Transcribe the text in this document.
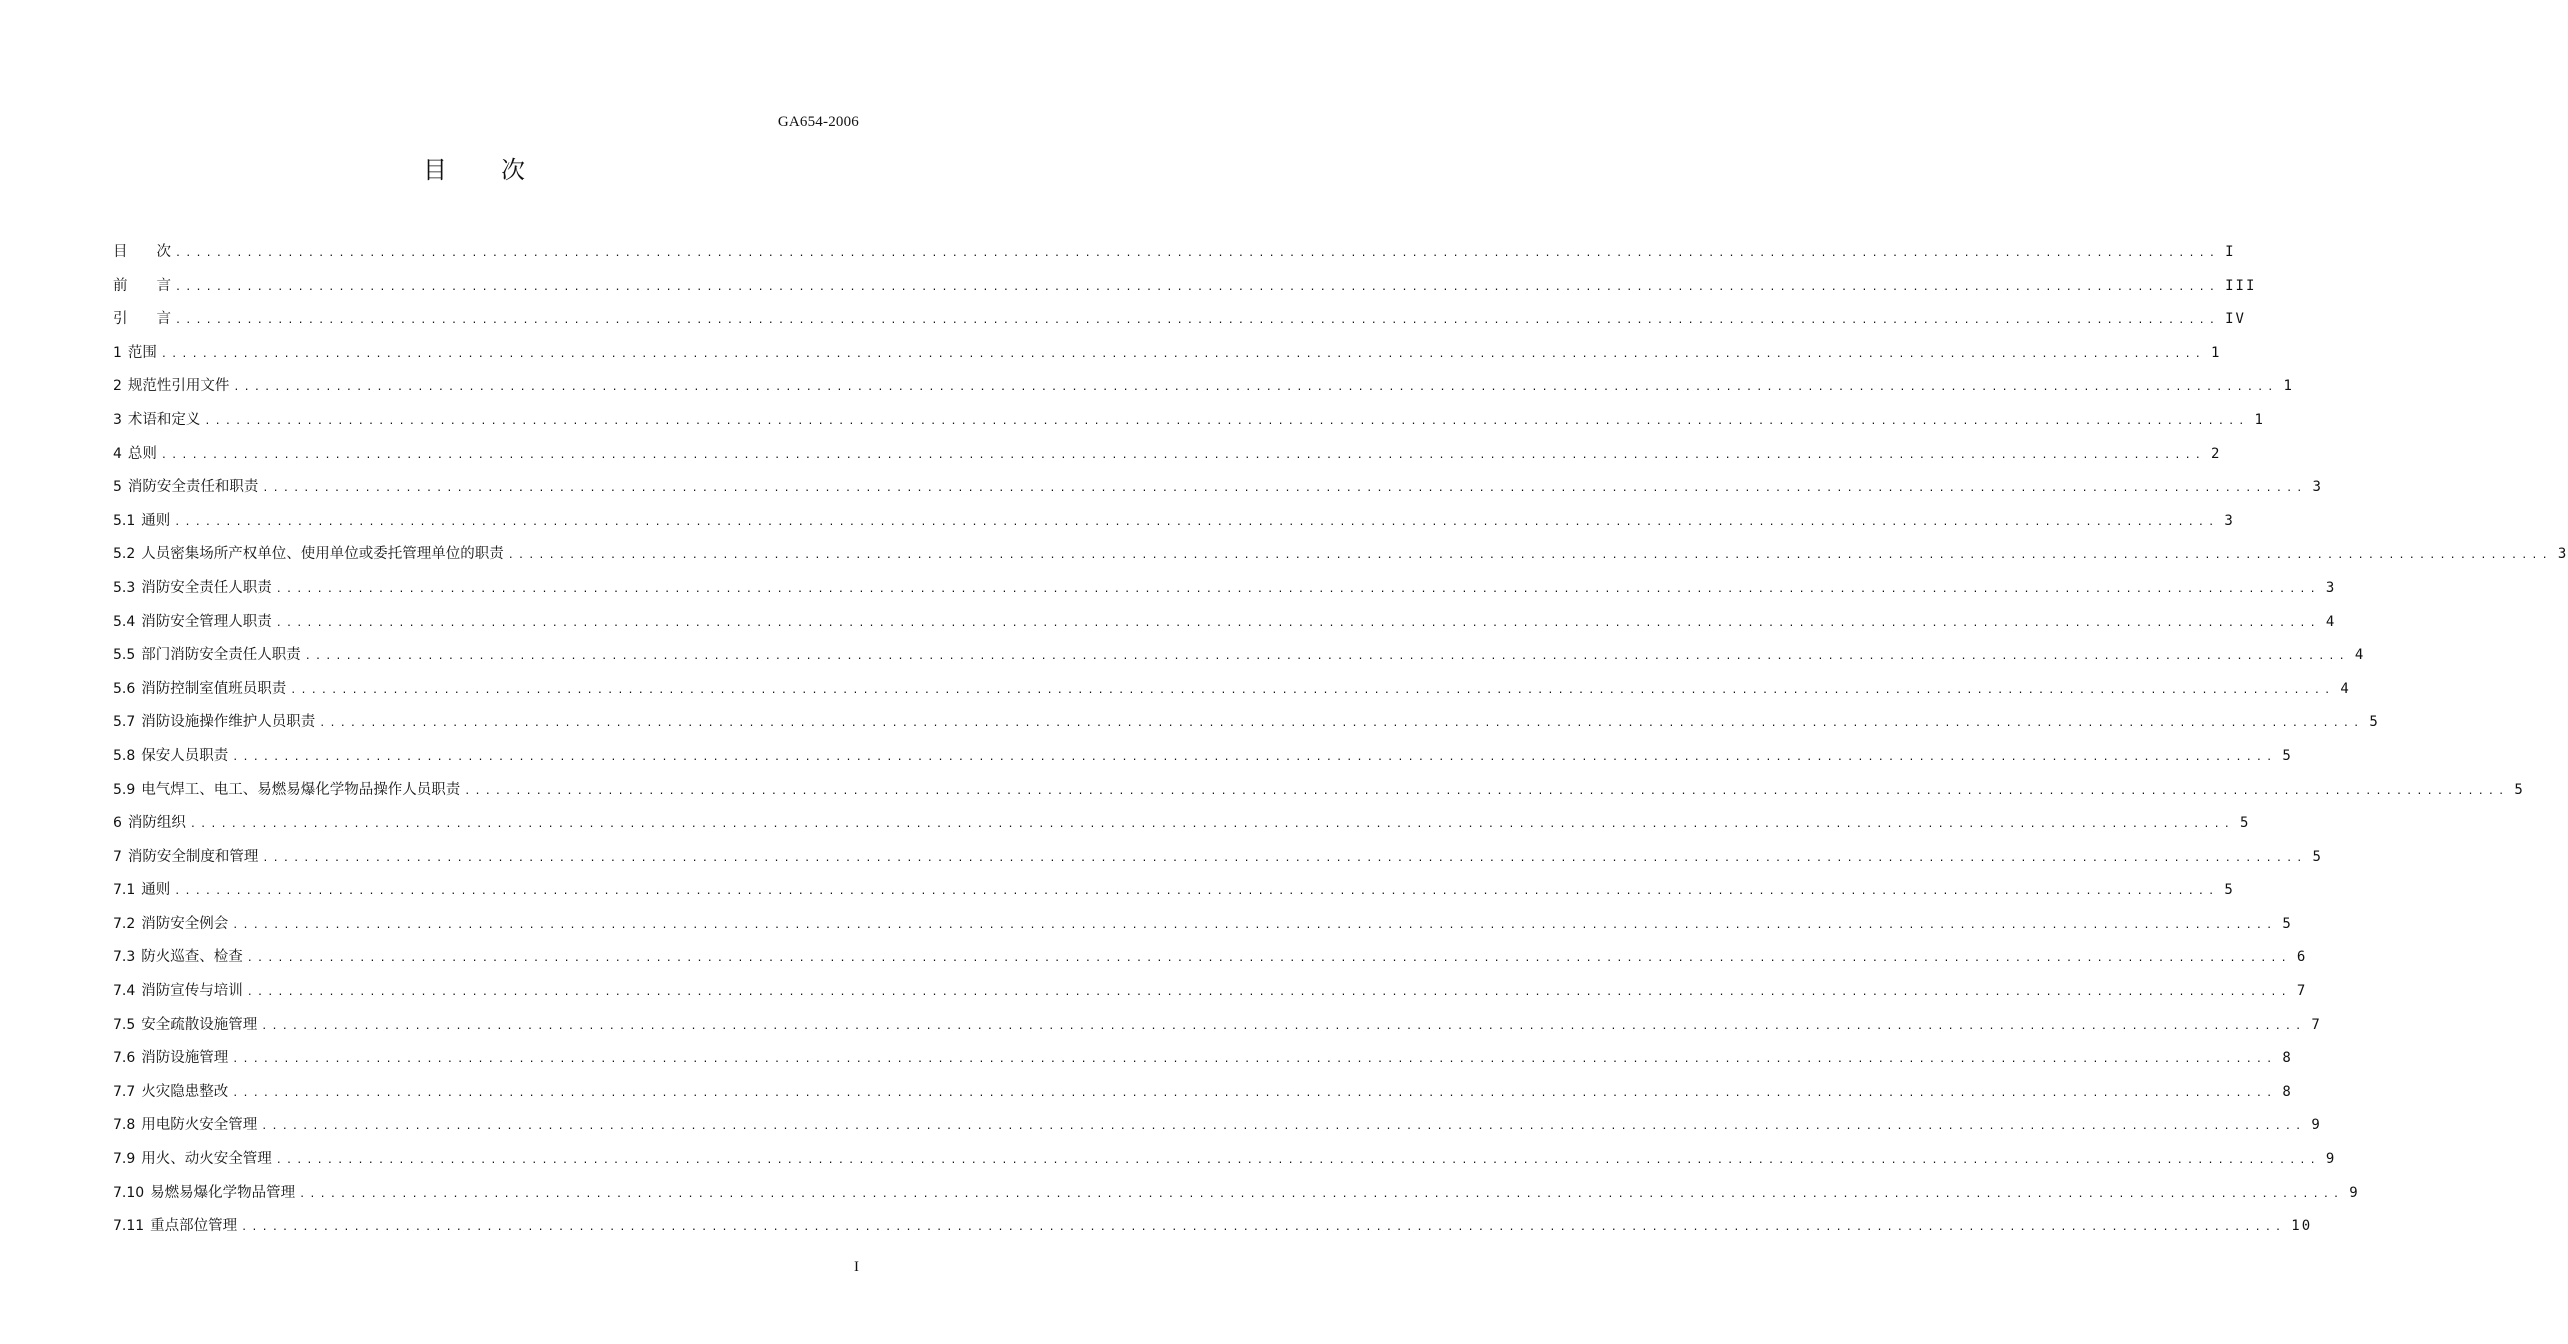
GA654-2006
目　　次
目　　次 ........................................................................................................................................................................................................ I
前　　言 ........................................................................................................................................................................................................ III
引　　言 ........................................................................................................................................................................................................ IV
1 范围 ........................................................................................................................................................................................................ 1
2 规范性引用文件 ........................................................................................................................................................................................................ 1
3 术语和定义 ........................................................................................................................................................................................................ 1
4 总则 ........................................................................................................................................................................................................ 2
5 消防安全责任和职责 ........................................................................................................................................................................................................ 3
5.1 通则 ........................................................................................................................................................................................................ 3
5.2 人员密集场所产权单位、使用单位或委托管理单位的职责 ........................................................................................................................................................................................................ 3
5.3 消防安全责任人职责 ........................................................................................................................................................................................................ 3
5.4 消防安全管理人职责 ........................................................................................................................................................................................................ 4
5.5 部门消防安全责任人职责 ........................................................................................................................................................................................................ 4
5.6 消防控制室值班员职责 ........................................................................................................................................................................................................ 4
5.7 消防设施操作维护人员职责 ........................................................................................................................................................................................................ 5
5.8 保安人员职责 ........................................................................................................................................................................................................ 5
5.9 电气焊工、电工、易燃易爆化学物品操作人员职责 ........................................................................................................................................................................................................ 5
6 消防组织 ........................................................................................................................................................................................................ 5
7 消防安全制度和管理 ........................................................................................................................................................................................................ 5
7.1 通则 ........................................................................................................................................................................................................ 5
7.2 消防安全例会 ........................................................................................................................................................................................................ 5
7.3 防火巡查、检查 ........................................................................................................................................................................................................ 6
7.4 消防宣传与培训 ........................................................................................................................................................................................................ 7
7.5 安全疏散设施管理 ........................................................................................................................................................................................................ 7
7.6 消防设施管理 ........................................................................................................................................................................................................ 8
7.7 火灾隐患整改 ........................................................................................................................................................................................................ 8
7.8 用电防火安全管理 ........................................................................................................................................................................................................ 9
7.9 用火、动火安全管理 ........................................................................................................................................................................................................ 9
7.10 易燃易爆化学物品管理 ........................................................................................................................................................................................................ 9
7.11 重点部位管理 ........................................................................................................................................................................................................ 10
I
